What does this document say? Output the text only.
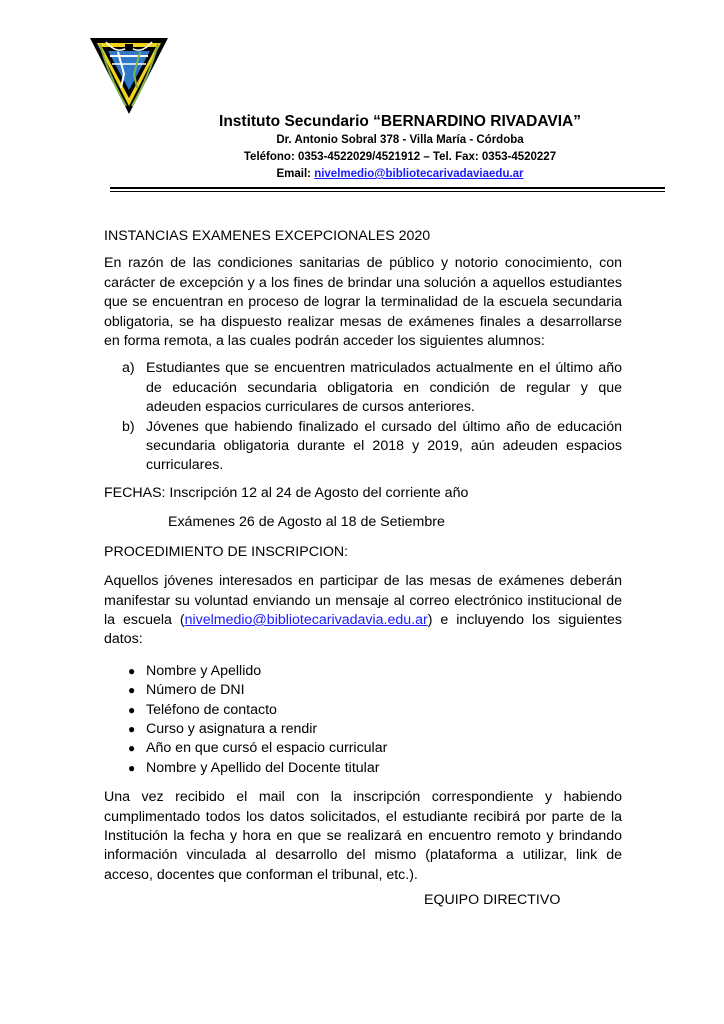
Instituto Secundario “BERNARDINO RIVADAVIA”

Dr. Antonio Sobral 378 - Villa María - Córdoba

Teléfono: 0353-4522029/4521912 – Tel. Fax: 0353-4520227

Email: nivelmedio@bibliotecarivadaviaedu.ar

INSTANCIAS EXAMENES EXCEPCIONALES 2020

En razón de las condiciones sanitarias de público y notorio conocimiento, con carácter de excepción y a los fines de brindar una solución a aquellos estudiantes que se encuentran en proceso de lograr la terminalidad de la escuela secundaria obligatoria, se ha dispuesto realizar mesas de exámenes finales a desarrollarse en forma remota, a las cuales podrán acceder los siguientes alumnos:

a) Estudiantes que se encuentren matriculados actualmente en el último año de educación secundaria obligatoria en condición de regular y que adeuden espacios curriculares de cursos anteriores.
b) Jóvenes que habiendo finalizado el cursado del último año de educación secundaria obligatoria durante el 2018 y 2019, aún adeuden espacios curriculares.

FECHAS: Inscripción 12 al 24 de Agosto del corriente año

Exámenes 26 de Agosto al 18 de Setiembre

PROCEDIMIENTO DE INSCRIPCION:

Aquellos jóvenes interesados en participar de las mesas de exámenes deberán manifestar su voluntad enviando un mensaje al correo electrónico institucional de la escuela (nivelmedio@bibliotecarivadavia.edu.ar) e incluyendo los siguientes datos:

● Nombre y Apellido
● Número de DNI
● Teléfono de contacto
● Curso y asignatura a rendir
● Año en que cursó el espacio curricular
● Nombre y Apellido del Docente titular

Una vez recibido el mail con la inscripción correspondiente y habiendo cumplimentado todos los datos solicitados, el estudiante recibirá por parte de la Institución la fecha y hora en que se realizará en encuentro remoto y brindando información vinculada al desarrollo del mismo (plataforma a utilizar, link de acceso, docentes que conforman el tribunal, etc.).

EQUIPO DIRECTIVO
